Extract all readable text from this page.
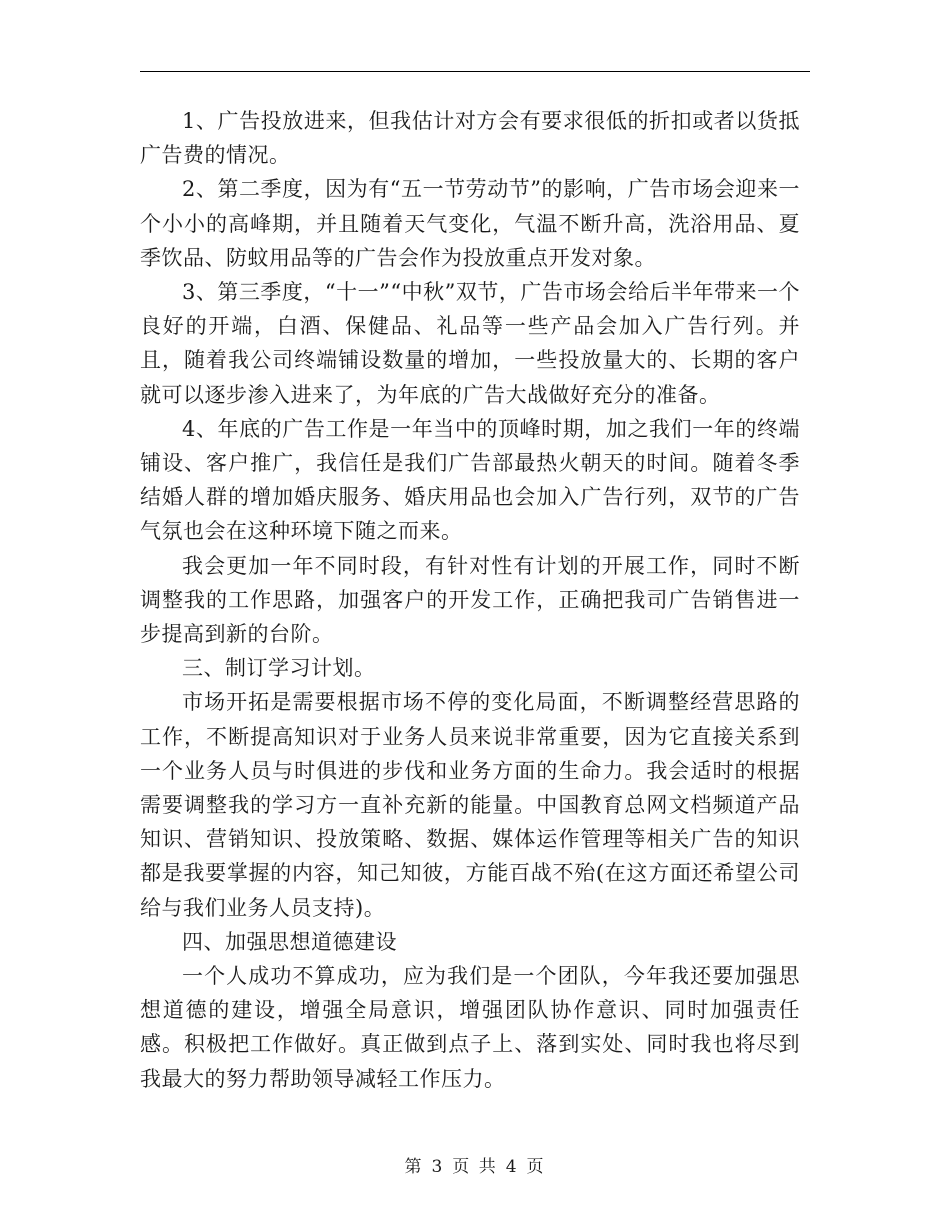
1、广告投放进来，但我估计对方会有要求很低的折扣或者以货抵广告费的情况。

2、第二季度，因为有“五一节劳动节”的影响，广告市场会迎来一个小小的高峰期，并且随着天气变化，气温不断升高，洗浴用品、夏季饮品、防蚊用品等的广告会作为投放重点开发对象。

3、第三季度，“十一”“中秋”双节，广告市场会给后半年带来一个良好的开端，白酒、保健品、礼品等一些产品会加入广告行列。并且，随着我公司终端铺设数量的增加，一些投放量大的、长期的客户就可以逐步渗入进来了，为年底的广告大战做好充分的准备。

4、年底的广告工作是一年当中的顶峰时期，加之我们一年的终端铺设、客户推广，我信任是我们广告部最热火朝天的时间。随着冬季结婚人群的增加婚庆服务、婚庆用品也会加入广告行列，双节的广告气氛也会在这种环境下随之而来。

我会更加一年不同时段，有针对性有计划的开展工作，同时不断调整我的工作思路，加强客户的开发工作，正确把我司广告销售进一步提高到新的台阶。

三、制订学习计划。

市场开拓是需要根据市场不停的变化局面，不断调整经营思路的工作，不断提高知识对于业务人员来说非常重要，因为它直接关系到一个业务人员与时俱进的步伐和业务方面的生命力。我会适时的根据需要调整我的学习方一直补充新的能量。中国教育总网文档频道产品知识、营销知识、投放策略、数据、媒体运作管理等相关广告的知识都是我要掌握的内容，知己知彼，方能百战不殆(在这方面还希望公司给与我们业务人员支持)。

四、加强思想道德建设

一个人成功不算成功，应为我们是一个团队，今年我还要加强思想道德的建设，增强全局意识，增强团队协作意识、同时加强责任感。积极把工作做好。真正做到点子上、落到实处、同时我也将尽到我最大的努力帮助领导减轻工作压力。

第 3 页 共 4 页
